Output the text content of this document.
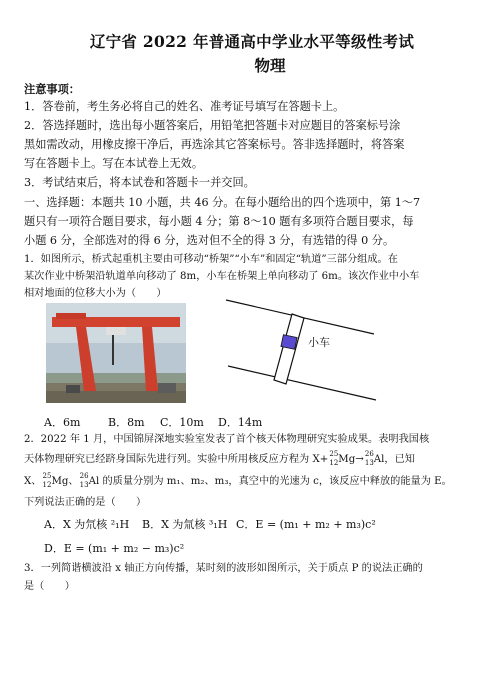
辽宁省 2022 年普通高中学业水平等级性考试
物理
注意事项：
1．答卷前，考生务必将自己的姓名、准考证号填写在答题卡上。
2．答选择题时，选出每小题答案后，用铅笔把答题卡对应题目的答案标号涂
黑如需改动，用橡皮擦干净后，再选涂其它答案标号。答非选择题时，将答案
写在答题卡上。写在本试卷上无效。
3．考试结束后，将本试卷和答题卡一并交回。
一、选择题：本题共 10 小题，共 46 分。在每小题给出的四个选项中，第 1～7
题只有一项符合题目要求，每小题 4 分；第 8～10 题有多项符合题目要求，每
小题 6 分，全部选对的得 6 分，选对但不全的得 3 分，有选错的得 0 分。
1．如图所示，桥式起重机主要由可移动“桥架”“小车”和固定“轨道”三部分组成。在
某次作业中桥架沿轨道单向移动了 8m，小车在桥架上单向移动了 6m。该次作业中小车
相对地面的位移大小为（　　）
小车
A．6m	B．8m C．10m D．14m
2．2022 年 1 月，中国锦屏深地实验室发表了首个核天体物理研究实验成果。表明我国核
天体物理研究已经跻身国际先进行列。实验中所用核反应方程为 X+ 25
12 Mg→ 26
13 Al，已知
X、 25
12 Mg、 26
13 Al 的质量分别为 m₁、m₂、m₃，真空中的光速为 c，该反应中释放的能量为 E。
下列说法正确的是（　　）
A．X 为氘核 ²₁H B．X 为氚核 ³₁H C．E = (m₁ + m₂ + m₃)c²
D．E = (m₁ + m₂ − m₃)c²
3．一列简谐横波沿 x 轴正方向传播，某时刻的波形如图所示，关于质点 P 的说法正确的
是（　　）
